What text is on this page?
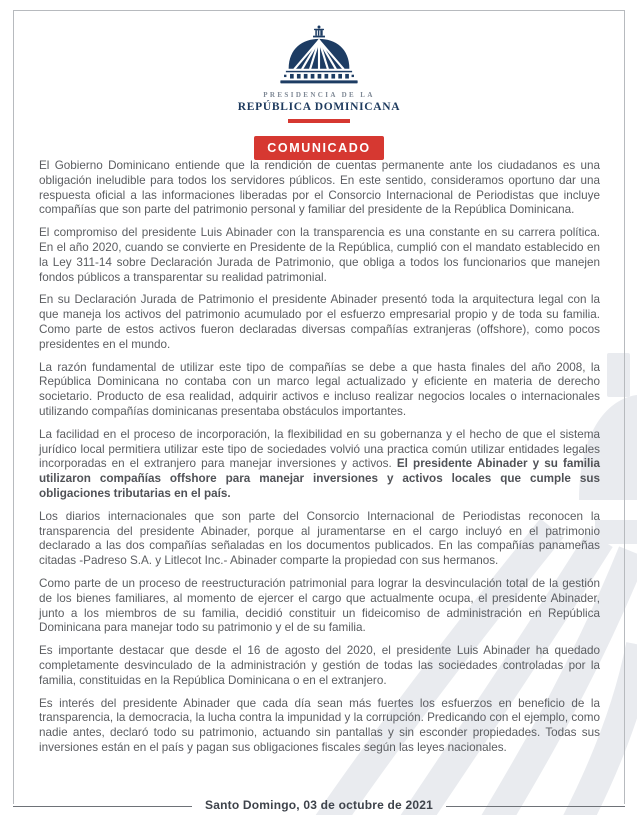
PRESIDENCIA DE LA
REPÚBLICA DOMINICANA
COMUNICADO

El Gobierno Dominicano entiende que la rendición de cuentas permanente ante los ciudadanos es una obligación ineludible para todos los servidores públicos. En este sentido, consideramos oportuno dar una respuesta oficial a las informaciones liberadas por el Consorcio Internacional de Periodistas que incluye compañías que son parte del patrimonio personal y familiar del presidente de la República Dominicana.

El compromiso del presidente Luis Abinader con la transparencia es una constante en su carrera política. En el año 2020, cuando se convierte en Presidente de la República, cumplió con el mandato establecido en la Ley 311-14 sobre Declaración Jurada de Patrimonio, que obliga a todos los funcionarios que manejen fondos públicos a transparentar su realidad patrimonial.

En su Declaración Jurada de Patrimonio el presidente Abinader presentó toda la arquitectura legal con la que maneja los activos del patrimonio acumulado por el esfuerzo empresarial propio y de toda su familia. Como parte de estos activos fueron declaradas diversas compañías extranjeras (offshore), como pocos presidentes en el mundo.

La razón fundamental de utilizar este tipo de compañías se debe a que hasta finales del año 2008, la República Dominicana no contaba con un marco legal actualizado y eficiente en materia de derecho societario. Producto de esa realidad, adquirir activos e incluso realizar negocios locales o internacionales utilizando compañías dominicanas presentaba obstáculos importantes.

La facilidad en el proceso de incorporación, la flexibilidad en su gobernanza y el hecho de que el sistema jurídico local permitiera utilizar este tipo de sociedades volvió una practica común utilizar entidades legales incorporadas en el extranjero para manejar inversiones y activos. El presidente Abinader y su familia utilizaron compañías offshore para manejar inversiones y activos locales que cumple sus obligaciones tributarias en el país.

Los diarios internacionales que son parte del Consorcio Internacional de Periodistas reconocen la transparencia del presidente Abinader, porque al juramentarse en el cargo incluyó en el patrimonio declarado a las dos compañías señaladas en los documentos publicados. En las compañías panameñas citadas -Padreso S.A. y Litlecot Inc.- Abinader comparte la propiedad con sus hermanos.

Como parte de un proceso de reestructuración patrimonial para lograr la desvinculación total de la gestión de los bienes familiares, al momento de ejercer el cargo que actualmente ocupa, el presidente Abinader, junto a los miembros de su familia, decidió constituir un fideicomiso de administración en República Dominicana para manejar todo su patrimonio y el de su familia.

Es importante destacar que desde el 16 de agosto del 2020, el presidente Luis Abinader ha quedado completamente desvinculado de la administración y gestión de todas las sociedades controladas por la familia, constituidas en la República Dominicana o en el extranjero.

Es interés del presidente Abinader que cada día sean más fuertes los esfuerzos en beneficio de la transparencia, la democracia, la lucha contra la impunidad y la corrupción. Predicando con el ejemplo, como nadie antes, declaró todo su patrimonio, actuando sin pantallas y sin esconder propiedades. Todas sus inversiones están en el país y pagan sus obligaciones fiscales según las leyes nacionales.

Santo Domingo, 03 de octubre de 2021
